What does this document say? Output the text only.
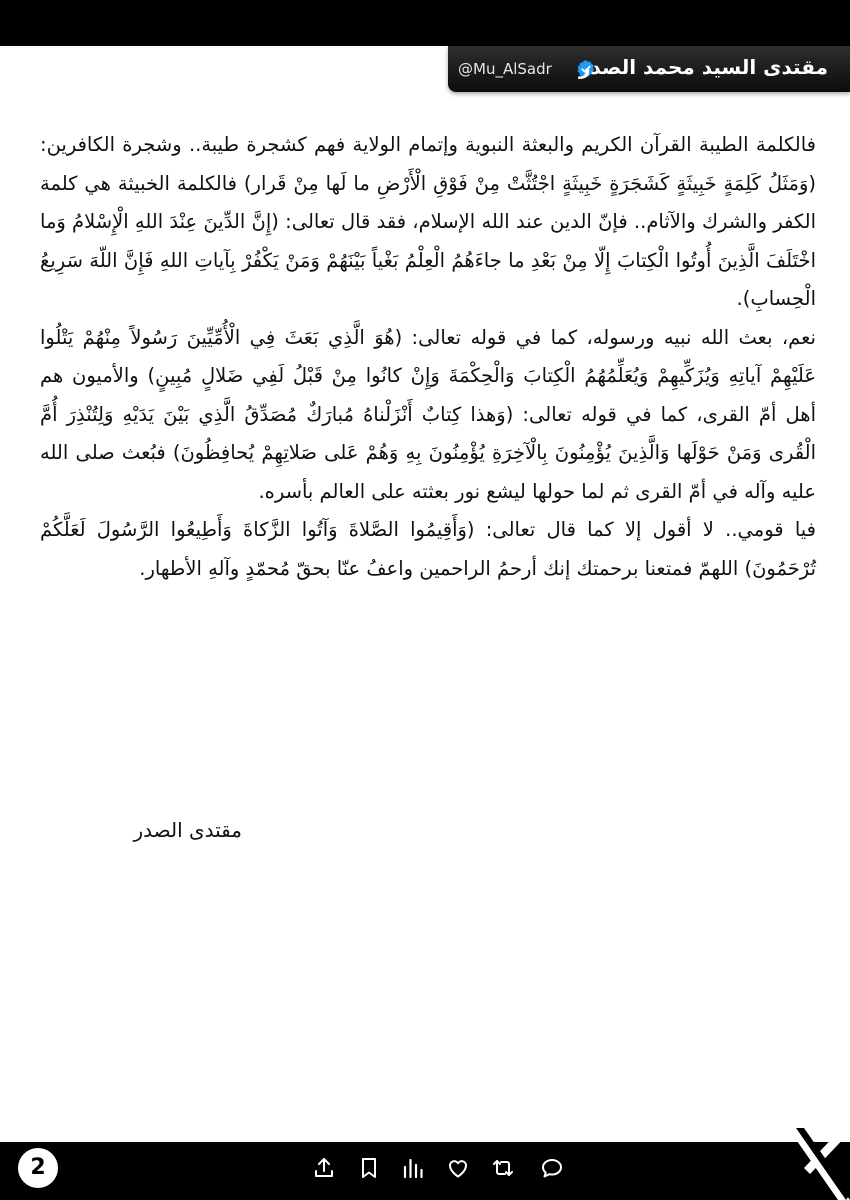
@Mu_AlSadr مقتدى السيد محمد الصدر

فالكلمة الطيبة القرآن الكريم والبعثة النبوية وإتمام الولاية فهم كشجرة طيبة.. وشجرة الكافرين: (وَمَثَلُ كَلِمَةٍ خَبِيثَةٍ كَشَجَرَةٍ خَبِيثَةٍ اجْتُثَّتْ مِنْ فَوْقِ الْأَرْضِ ما لَها مِنْ قَرار) فالكلمة الخبيثة هي كلمة الكفر والشرك والآثام.. فإنّ الدين عند الله الإسلام، فقد قال تعالى: (إِنَّ الدِّينَ عِنْدَ اللهِ الْإِسْلامُ وَما اخْتَلَفَ الَّذِينَ أُوتُوا الْكِتابَ إِلّا مِنْ بَعْدِ ما جاءَهُمُ الْعِلْمُ بَغْياً بَيْنَهُمْ وَمَنْ يَكْفُرْ بِآياتِ اللهِ فَإِنَّ اللّهَ سَرِيعُ الْحِسابِ).

نعم، بعث الله نبيه ورسوله، كما في قوله تعالى: (هُوَ الَّذِي بَعَثَ فِي الْأُمِّيِّينَ رَسُولاً مِنْهُمْ يَتْلُوا عَلَيْهِمْ آياتِهِ وَيُزَكِّيهِمْ وَيُعَلِّمُهُمُ الْكِتابَ وَالْحِكْمَةَ وَإِنْ كانُوا مِنْ قَبْلُ لَفِي ضَلالٍ مُبِينٍ) والأميون هم أهل أمّ القرى، كما في قوله تعالى: (وَهذا كِتابٌ أَنْزَلْناهُ مُبارَكٌ مُصَدِّقُ الَّذِي بَيْنَ يَدَيْهِ وَلِتُنْذِرَ أُمَّ الْقُرى وَمَنْ حَوْلَها وَالَّذِينَ يُؤْمِنُونَ بِالْآخِرَةِ يُؤْمِنُونَ بِهِ وَهُمْ عَلى صَلاتِهِمْ يُحافِظُونَ) فبُعث صلى الله عليه وآله في أمّ القرى ثم لما حولها ليشع نور بعثته على العالم بأسره.

فيا قومي.. لا أقول إلا كما قال تعالى: (وَأَقِيمُوا الصَّلاةَ وَآتُوا الزَّكاةَ وَأَطِيعُوا الرَّسُولَ لَعَلَّكُمْ تُرْحَمُونَ) اللهمّ فمتعنا برحمتك إنك أرحمُ الراحمين واعفُ عنّا بحقّ مُحمّدٍ وآلهِ الأطهار.

مقتدى الصدر
2
